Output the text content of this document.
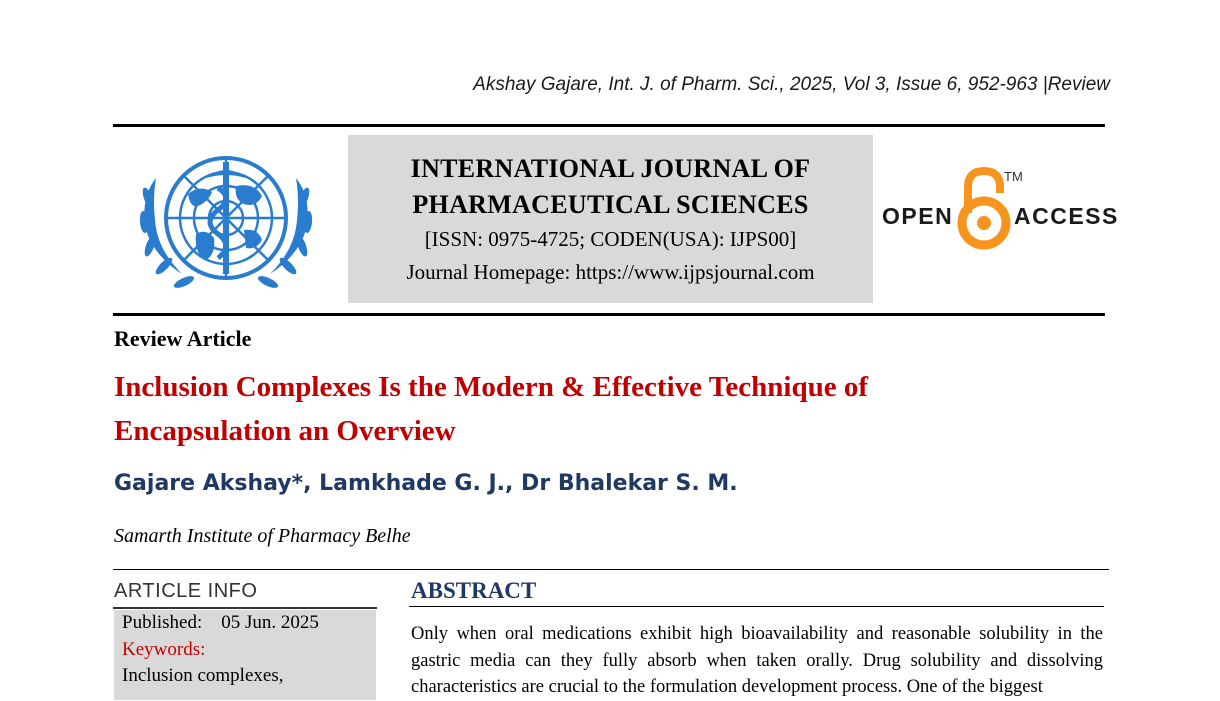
Akshay Gajare, Int. J. of Pharm. Sci., 2025, Vol 3, Issue 6, 952-963 |Review
INTERNATIONAL JOURNAL OF
PHARMACEUTICAL SCIENCES
[ISSN: 0975-4725; CODEN(USA): IJPS00]
Journal Homepage: https://www.ijpsjournal.com
OPEN
TM
ACCESS
Review Article
Inclusion Complexes Is the Modern & Effective Technique of
Encapsulation an Overview
Gajare Akshay*, Lamkhade G. J., Dr Bhalekar S. M.
Samarth Institute of Pharmacy Belhe
ARTICLE INFO
Published: 05 Jun. 2025
Keywords:
Inclusion complexes,
ABSTRACT
Only when oral medications exhibit high bioavailability and reasonable solubility in the gastric media can they fully absorb when taken orally. Drug solubility and dissolving characteristics are crucial to the formulation development process. One of the biggest
